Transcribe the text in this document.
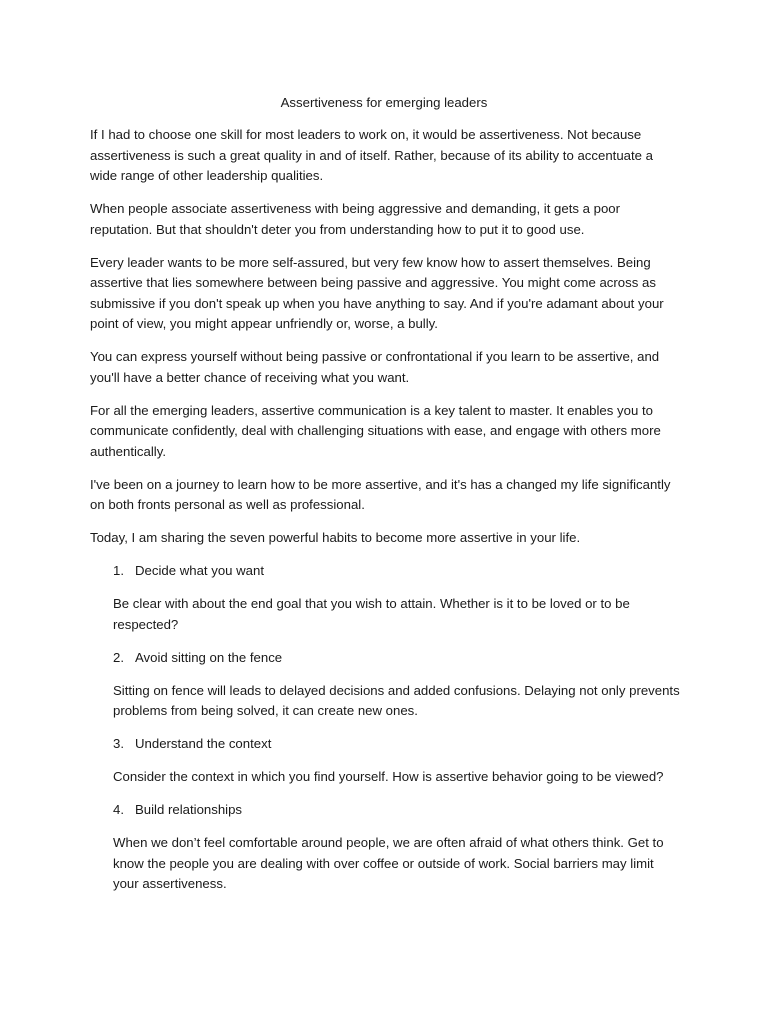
Assertiveness for emerging leaders

If I had to choose one skill for most leaders to work on, it would be assertiveness. Not because assertiveness is such a great quality in and of itself. Rather, because of its ability to accentuate a wide range of other leadership qualities.

When people associate assertiveness with being aggressive and demanding, it gets a poor reputation. But that shouldn't deter you from understanding how to put it to good use.

Every leader wants to be more self-assured, but very few know how to assert themselves. Being assertive that lies somewhere between being passive and aggressive. You might come across as submissive if you don't speak up when you have anything to say. And if you're adamant about your point of view, you might appear unfriendly or, worse, a bully.

You can express yourself without being passive or confrontational if you learn to be assertive, and you'll have a better chance of receiving what you want.

For all the emerging leaders, assertive communication is a key talent to master. It enables you to communicate confidently, deal with challenging situations with ease, and engage with others more authentically.

I've been on a journey to learn how to be more assertive, and it's has a changed my life significantly on both fronts personal as well as professional.

Today, I am sharing the seven powerful habits to become more assertive in your life.

1. Decide what you want

Be clear with about the end goal that you wish to attain. Whether is it to be loved or to be respected?

2. Avoid sitting on the fence

Sitting on fence will leads to delayed decisions and added confusions. Delaying not only prevents problems from being solved, it can create new ones.

3. Understand the context

Consider the context in which you find yourself. How is assertive behavior going to be viewed?

4. Build relationships

When we don’t feel comfortable around people, we are often afraid of what others think. Get to know the people you are dealing with over coffee or outside of work. Social barriers may limit your assertiveness.
